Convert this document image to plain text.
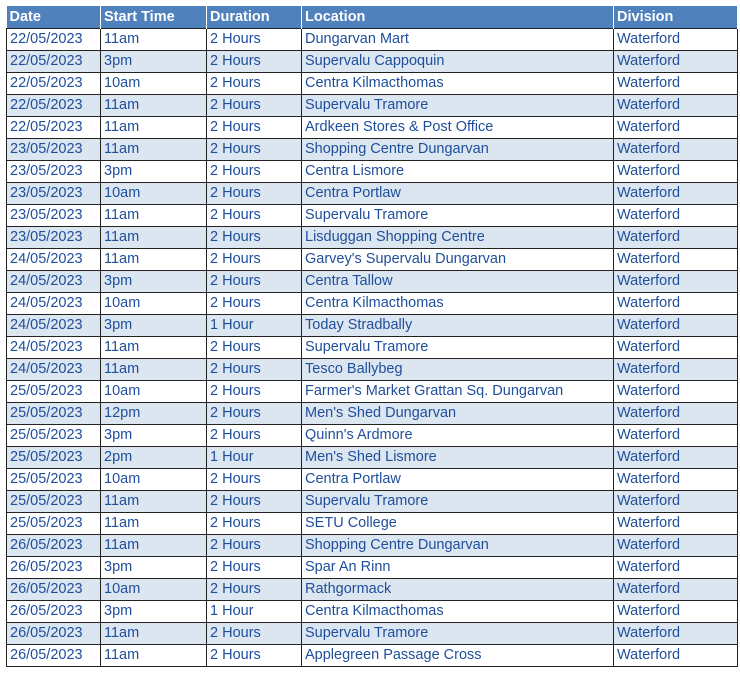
Date	Start Time	Duration	Location	Division
22/05/2023	11am	2 Hours	Dungarvan Mart	Waterford
22/05/2023	3pm	2 Hours	Supervalu Cappoquin	Waterford
22/05/2023	10am	2 Hours	Centra Kilmacthomas	Waterford
22/05/2023	11am	2 Hours	Supervalu Tramore	Waterford
22/05/2023	11am	2 Hours	Ardkeen Stores & Post Office	Waterford
23/05/2023	11am	2 Hours	Shopping Centre Dungarvan	Waterford
23/05/2023	3pm	2 Hours	Centra Lismore	Waterford
23/05/2023	10am	2 Hours	Centra Portlaw	Waterford
23/05/2023	11am	2 Hours	Supervalu Tramore	Waterford
23/05/2023	11am	2 Hours	Lisduggan Shopping Centre	Waterford
24/05/2023	11am	2 Hours	Garvey's Supervalu Dungarvan	Waterford
24/05/2023	3pm	2 Hours	Centra Tallow	Waterford
24/05/2023	10am	2 Hours	Centra Kilmacthomas	Waterford
24/05/2023	3pm	1 Hour	Today Stradbally	Waterford
24/05/2023	11am	2 Hours	Supervalu Tramore	Waterford
24/05/2023	11am	2 Hours	Tesco Ballybeg	Waterford
25/05/2023	10am	2 Hours	Farmer's Market Grattan Sq. Dungarvan	Waterford
25/05/2023	12pm	2 Hours	Men's Shed Dungarvan	Waterford
25/05/2023	3pm	2 Hours	Quinn's Ardmore	Waterford
25/05/2023	2pm	1 Hour	Men's Shed Lismore	Waterford
25/05/2023	10am	2 Hours	Centra Portlaw	Waterford
25/05/2023	11am	2 Hours	Supervalu Tramore	Waterford
25/05/2023	11am	2 Hours	SETU College	Waterford
26/05/2023	11am	2 Hours	Shopping Centre Dungarvan	Waterford
26/05/2023	3pm	2 Hours	Spar An Rinn	Waterford
26/05/2023	10am	2 Hours	Rathgormack	Waterford
26/05/2023	3pm	1 Hour	Centra Kilmacthomas	Waterford
26/05/2023	11am	2 Hours	Supervalu Tramore	Waterford
26/05/2023	11am	2 Hours	Applegreen Passage Cross	Waterford
